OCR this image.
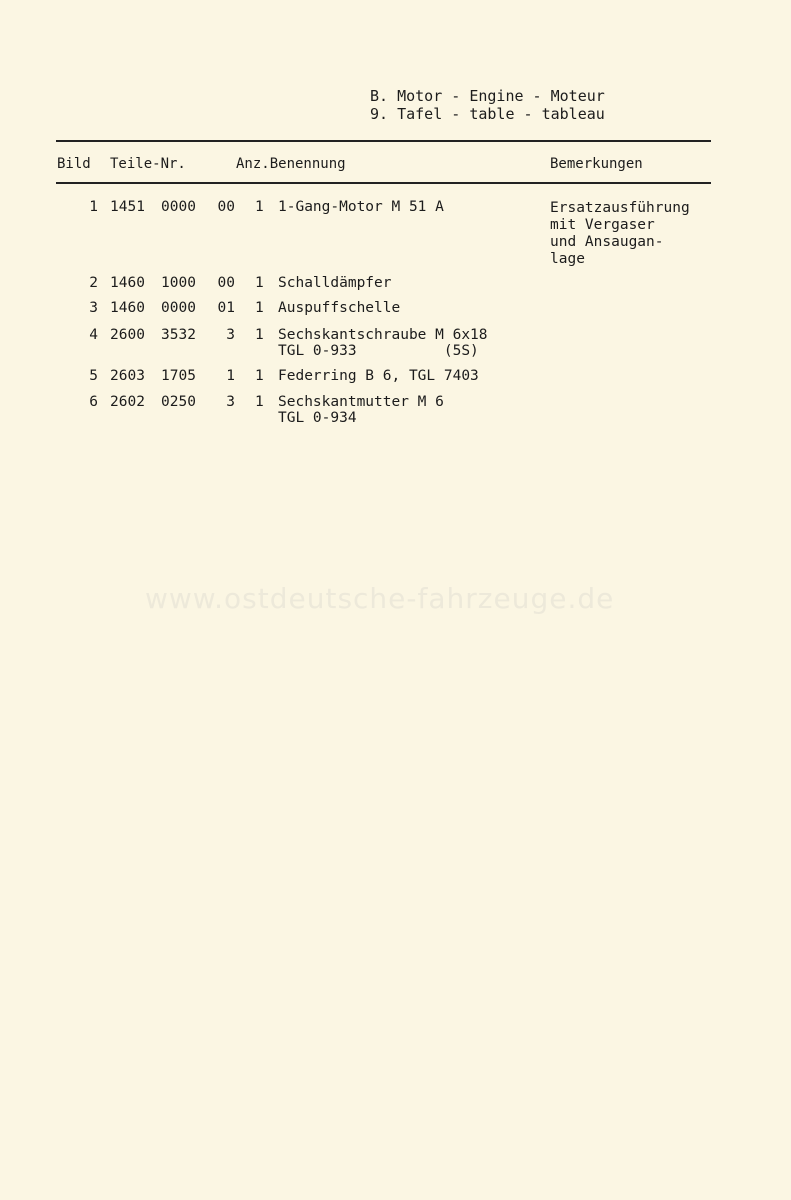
B. Motor - Engine - Moteur
9. Tafel - table - tableau
Bild Teile-Nr.	Anz.Benennung	Bemerkungen
1 1451 0000	00 1 1-Gang-Motor M 51 A	Ersatzausführung
mit Vergaser
und Ansaugan-
lage
2 1460 1000	00 1 Schalldämpfer
3 1460 0000	01 1 Auspuffschelle
4 2600 3532	3 1 Sechskantschraube M 6x18
TGL 0-933          (5S)
5 2603 1705	1 1 Federring B 6, TGL 7403
6 2602 0250	3 1 Sechskantmutter M 6
TGL 0-934
www.ostdeutsche-fahrzeuge.de
